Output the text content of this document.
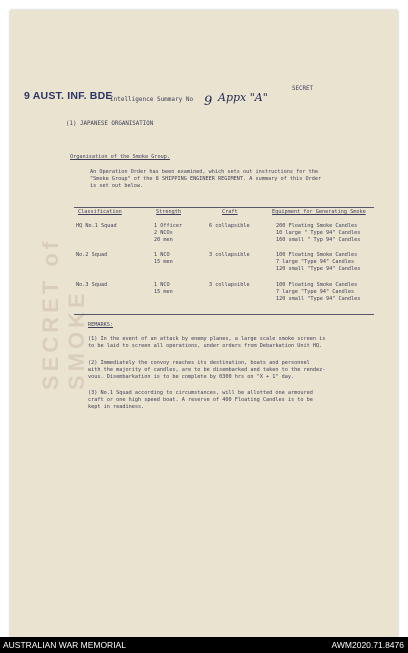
SECRET of SMOKE
9 AUST. INF. BDE
Intelligence Summary No 9 Appx "A"
SECRET
(1) JAPANESE ORGANISATION
Organisation of the Smoke Group.
An Operation Order has been examined, which sets out instructions for the
"Smoke Group" of the 8 SHIPPING ENGINEER REGIMENT. A summary of this Order
is set out below.
Classification	Strength	Craft	Equipment for Generating Smoke
HQ No.1 Squad	1 Officer
2 NCOs
20 men
6 collapsible	200 Floating Smoke Candles
10 large " Type 94" Candles
160 small " Typ 94" Candles
No.2 Squad	1 NCO
15 men
3 collapsible	100 Floating Smoke Candles
7 large "Type 94" Candles
120 small "Type 94" Candles
No.3 Squad	1 NCO
15 men
3 collapsible	100 Floating Smoke Candles
7 large "Type 94" Candles
120 small "Type 94" Candles
REMARKS:
(1) In the event of an attack by enemy planes, a large scale smoke screen is
to be laid to screen all operations, under orders from Debarkation Unit HQ.
(2) Immediately the convoy reaches its destination, boats and personnel
with the majority of candles, are to be disembarked and taken to the rendez-
vous. Disembarkation is to be complete by 0300 hrs on "X + 1" day.
(3) No.1 Squad according to circumstances, will be allotted one armoured
craft or one high speed boat. A reserve of 400 Floating Candles is to be
kept in readiness.
AUSTRALIAN WAR MEMORIAL	AWM2020.71.8476
